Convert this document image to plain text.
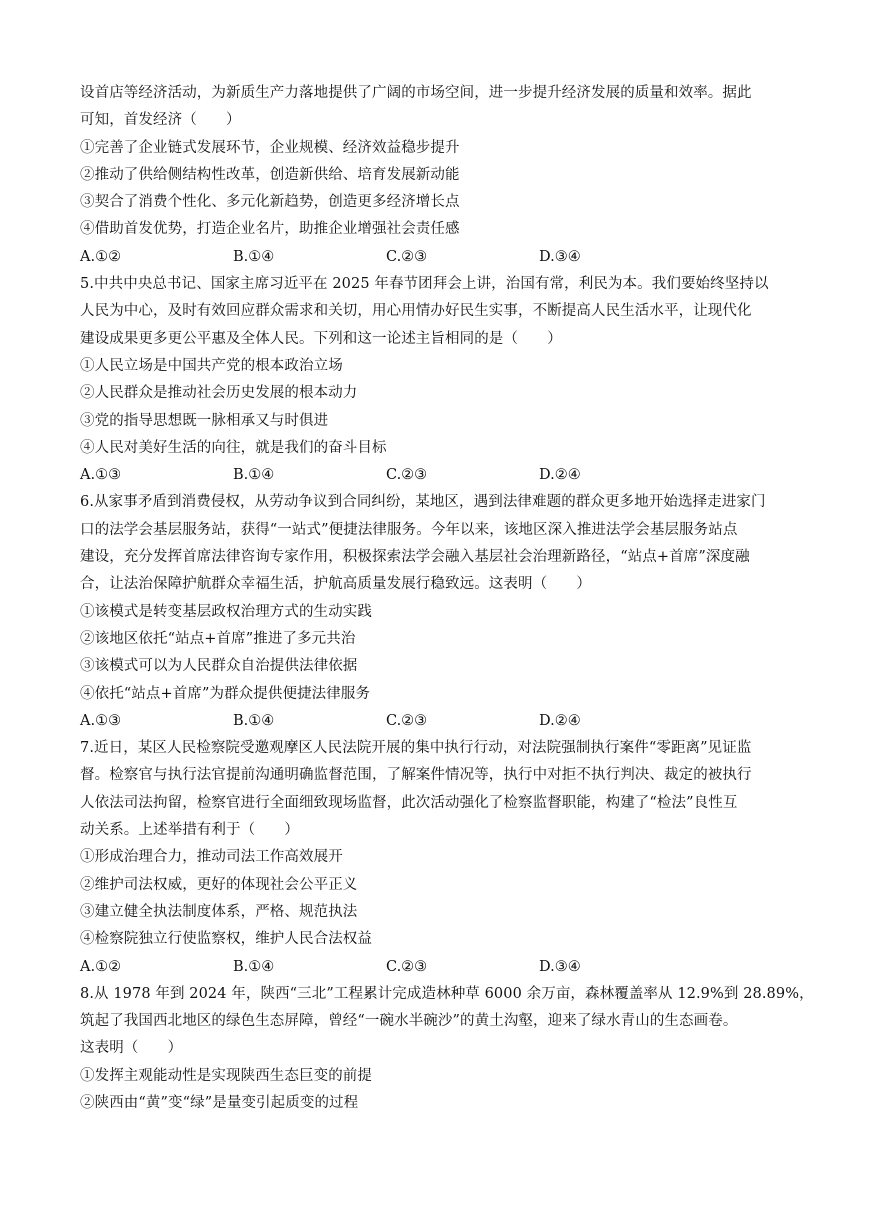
设首店等经济活动，为新质生产力落地提供了广阔的市场空间，进一步提升经济发展的质量和效率。据此
可知，首发经济（　　）
①完善了企业链式发展环节，企业规模、经济效益稳步提升
②推动了供给侧结构性改革，创造新供给、培育发展新动能
③契合了消费个性化、多元化新趋势，创造更多经济增长点
④借助首发优势，打造企业名片，助推企业增强社会责任感
A.①②	B.①④	C.②③	D.③④
5.中共中央总书记、国家主席习近平在 2025 年春节团拜会上讲，治国有常，利民为本。我们要始终坚持以
人民为中心，及时有效回应群众需求和关切，用心用情办好民生实事，不断提高人民生活水平，让现代化
建设成果更多更公平惠及全体人民。下列和这一论述主旨相同的是（　　）
①人民立场是中国共产党的根本政治立场
②人民群众是推动社会历史发展的根本动力
③党的指导思想既一脉相承又与时俱进
④人民对美好生活的向往，就是我们的奋斗目标
A.①③	B.①④	C.②③	D.②④
6.从家事矛盾到消费侵权，从劳动争议到合同纠纷，某地区，遇到法律难题的群众更多地开始选择走进家门
口的法学会基层服务站，获得“一站式”便捷法律服务。今年以来，该地区深入推进法学会基层服务站点
建设，充分发挥首席法律咨询专家作用，积极探索法学会融入基层社会治理新路径，“站点+首席”深度融
合，让法治保障护航群众幸福生活，护航高质量发展行稳致远。这表明（　　）
①该模式是转变基层政权治理方式的生动实践
②该地区依托“站点+首席”推进了多元共治
③该模式可以为人民群众自治提供法律依据
④依托“站点+首席”为群众提供便捷法律服务
A.①③	B.①④	C.②③	D.②④
7.近日，某区人民检察院受邀观摩区人民法院开展的集中执行行动，对法院强制执行案件“零距离”见证监
督。检察官与执行法官提前沟通明确监督范围，了解案件情况等，执行中对拒不执行判决、裁定的被执行
人依法司法拘留，检察官进行全面细致现场监督，此次活动强化了检察监督职能，构建了“检法”良性互
动关系。上述举措有利于（　　）
①形成治理合力，推动司法工作高效展开
②维护司法权威，更好的体现社会公平正义
③建立健全执法制度体系，严格、规范执法
④检察院独立行使监察权，维护人民合法权益
A.①②	B.①④	C.②③	D.③④
8.从 1978 年到 2024 年，陕西“三北”工程累计完成造林种草 6000 余万亩，森林覆盖率从 12.9%到 28.89%，
筑起了我国西北地区的绿色生态屏障，曾经“一碗水半碗沙”的黄土沟壑，迎来了绿水青山的生态画卷。
这表明（　　）
①发挥主观能动性是实现陕西生态巨变的前提
②陕西由“黄”变“绿”是量变引起质变的过程
